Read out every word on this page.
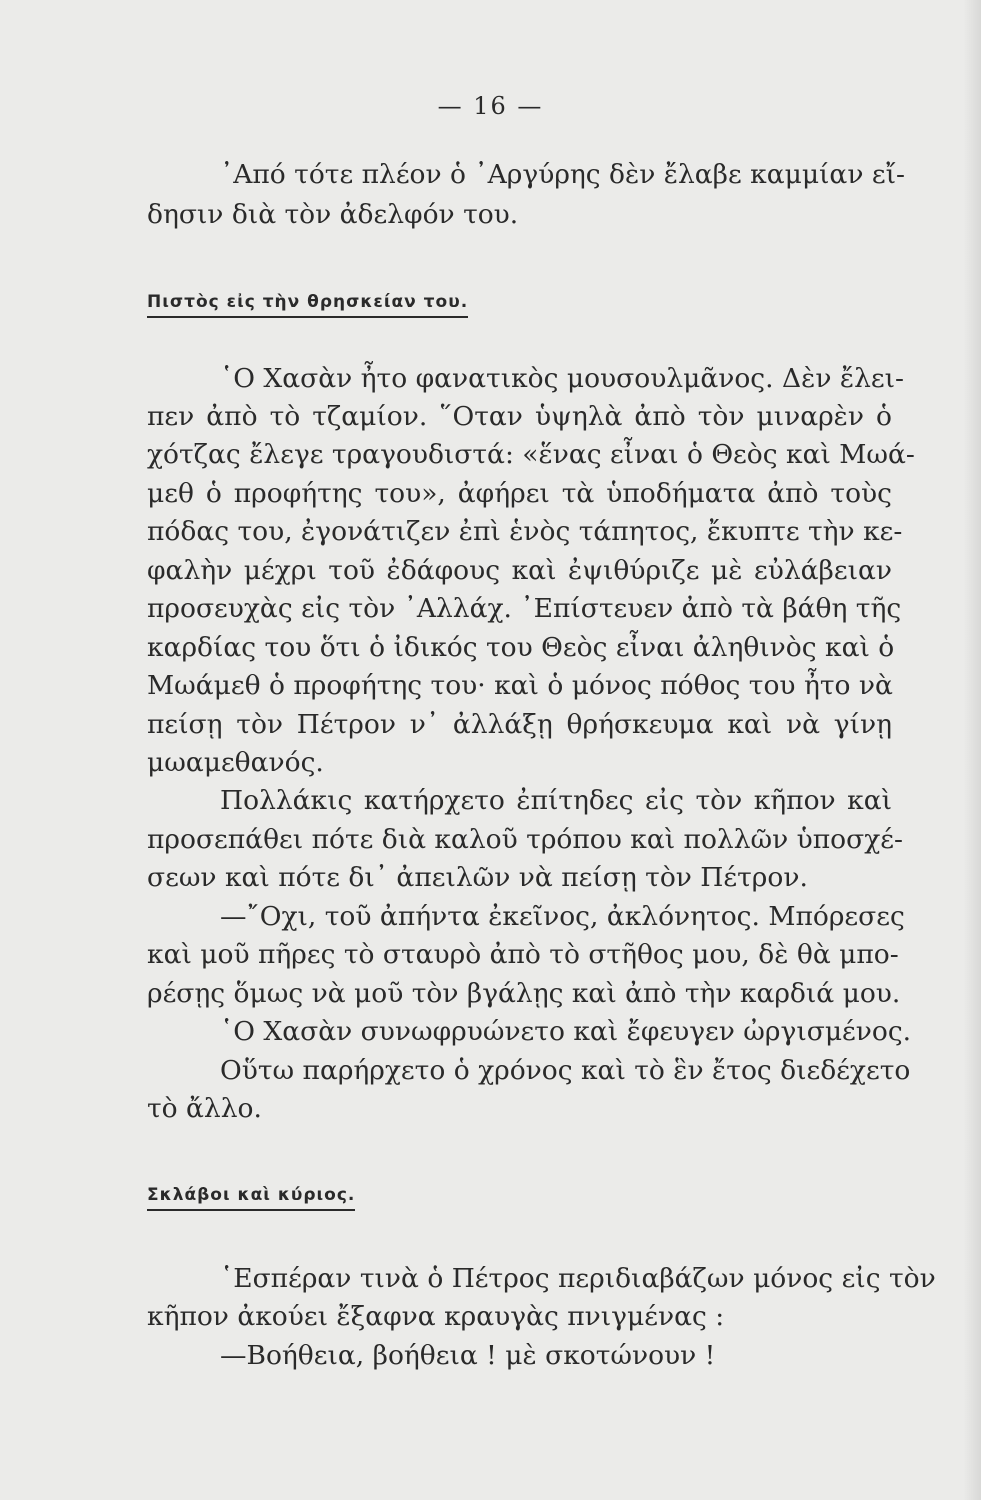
— 16 —
᾿Από τότε πλέον ὁ ᾿Αργύρης δὲν ἔλαβε καμμίαν εἴ-
δησιν διὰ τὸν ἀδελφόν του.
Πιστὸς εἰς τὴν θρησκείαν του.
῾Ο Χασὰν ἦτο φανατικὸς μουσουλμᾶνος. Δὲν ἔλει-
πεν ἀπὸ τὸ τζαμίον. ῞Οταν ὑψηλὰ ἀπὸ τὸν μιναρὲν ὁ
χότζας ἔλεγε τραγουδιστά: «ἕνας εἶναι ὁ Θεὸς καὶ Μωά-
μεθ ὁ προφήτης του», ἀφήρει τὰ ὑποδήματα ἀπὸ τοὺς
πόδας του, ἐγονάτιζεν ἐπὶ ἑνὸς τάπητος, ἔκυπτε τὴν κε-
φαλὴν μέχρι τοῦ ἐδάφους καὶ ἐψιθύριζε μὲ εὐλάβειαν
προσευχὰς εἰς τὸν ᾿Αλλάχ. ᾿Επίστευεν ἀπὸ τὰ βάθη τῆς
καρδίας του ὅτι ὁ ἰδικός του Θεὸς εἶναι ἀληθινὸς καὶ ὁ
Μωάμεθ ὁ προφήτης του· καὶ ὁ μόνος πόθος του ἦτο νὰ
πείσῃ τὸν Πέτρον ν᾿ ἀλλάξῃ θρήσκευμα καὶ νὰ γίνῃ
μωαμεθανός.
Πολλάκις κατήρχετο ἐπίτηδες εἰς τὸν κῆπον καὶ
προσεπάθει πότε διὰ καλοῦ τρόπου καὶ πολλῶν ὑποσχέ-
σεων καὶ πότε δι᾿ ἀπειλῶν νὰ πείσῃ τὸν Πέτρον.
—῎Οχι, τοῦ ἀπήντα ἐκεῖνος, ἀκλόνητος. Μπόρεσες
καὶ μοῦ πῆρες τὸ σταυρὸ ἀπὸ τὸ στῆθος μου, δὲ θὰ μπο-
ρέσῃς ὅμως νὰ μοῦ τὸν βγάλῃς καὶ ἀπὸ τὴν καρδιά μου.
῾Ο Χασὰν συνωφρυώνετο καὶ ἔφευγεν ὠργισμένος.
Οὕτω παρήρχετο ὁ χρόνος καὶ τὸ ἓν ἔτος διεδέχετο
τὸ ἄλλο.
Σκλάβοι καὶ κύριος.
῾Εσπέραν τινὰ ὁ Πέτρος περιδιαβάζων μόνος εἰς τὸν
κῆπον ἀκούει ἔξαφνα κραυγὰς πνιγμένας :
—Βοήθεια, βοήθεια ! μὲ σκοτώνουν !
